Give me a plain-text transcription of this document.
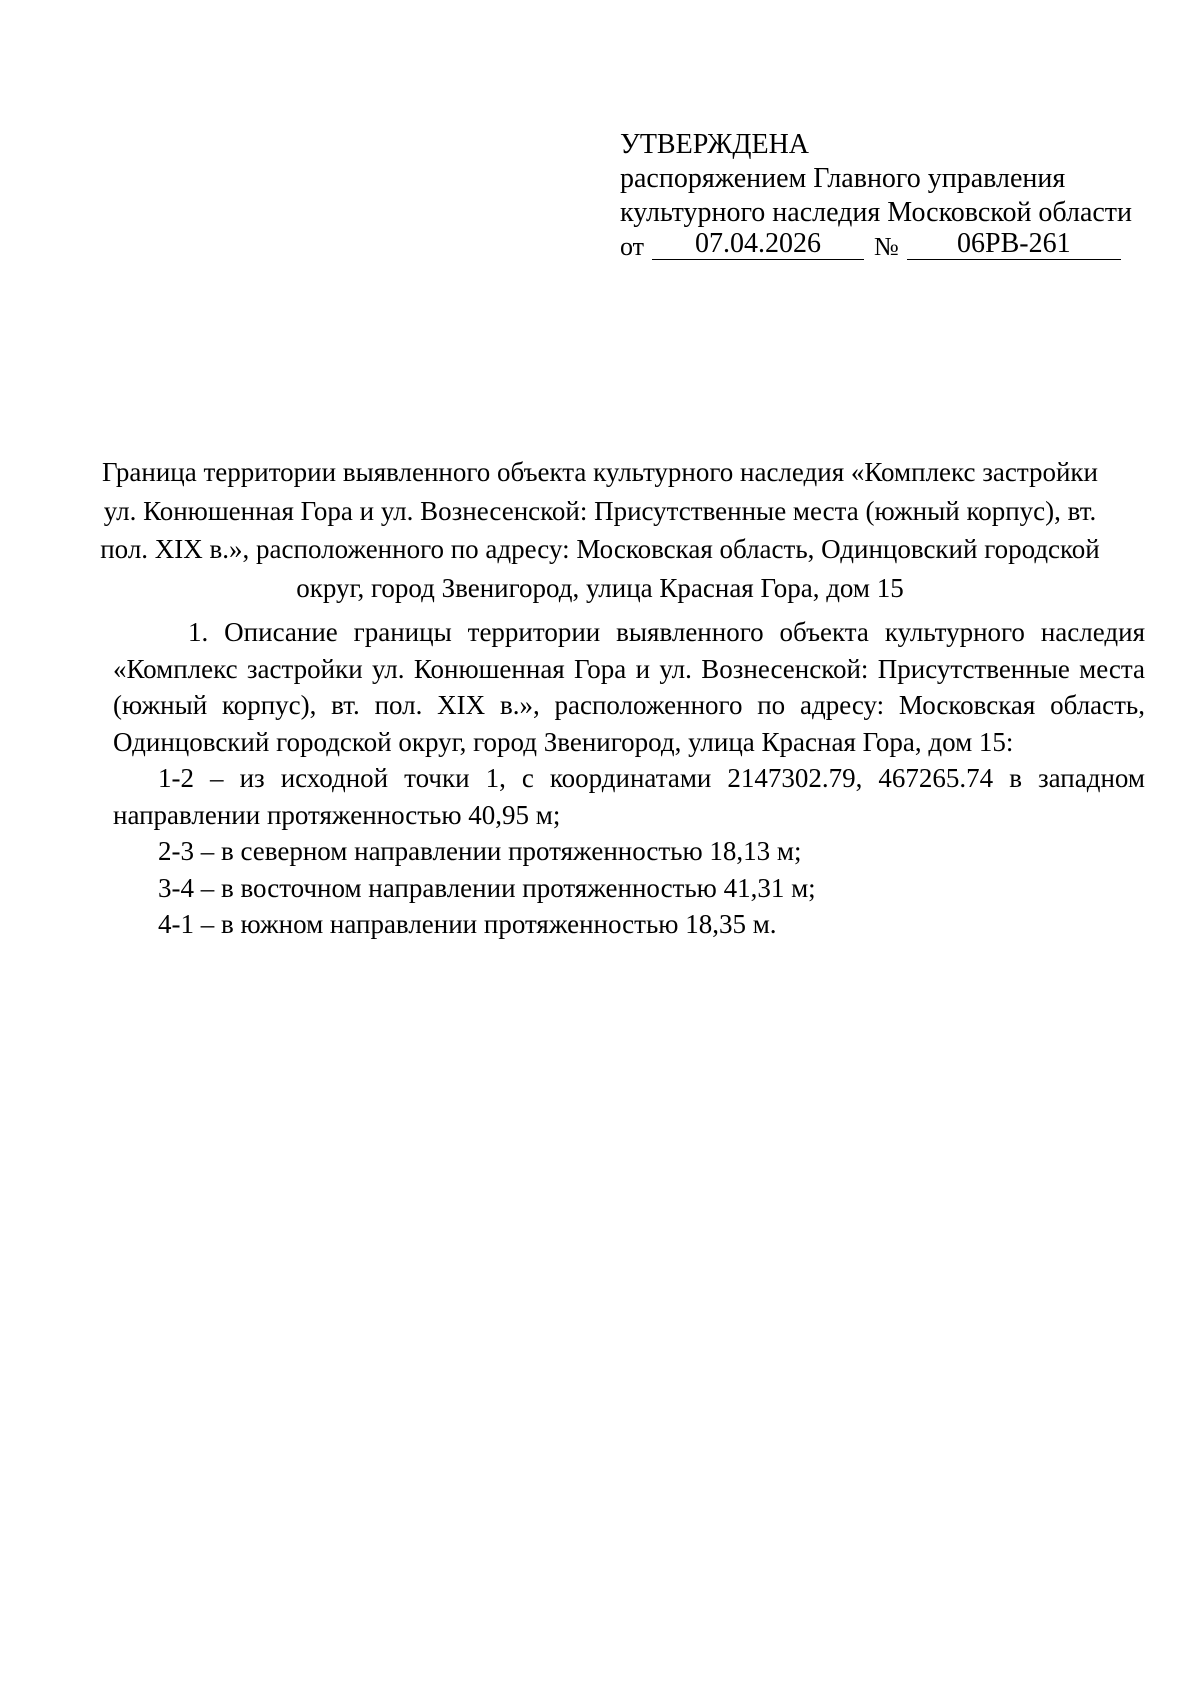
УТВЕРЖДЕНА
распоряжением Главного управления
культурного наследия Московской области
от	07.04.2026	№	06РВ-261
Граница территории выявленного объекта культурного наследия «Комплекс застройки ул. Конюшенная Гора и ул. Вознесенской: Присутственные места (южный корпус), вт. пол. XIX в.», расположенного по адресу: Московская область, Одинцовский городской округ, город Звенигород, улица Красная Гора, дом 15

1. Описание границы территории выявленного объекта культурного наследия «Комплекс застройки ул. Конюшенная Гора и ул. Вознесенской: Присутственные места (южный корпус), вт. пол. XIX в.», расположенного по адресу: Московская область, Одинцовский городской округ, город Звенигород, улица Красная Гора, дом 15:

1-2 – из исходной точки 1, с координатами 2147302.79, 467265.74 в западном направлении протяженностью 40,95 м;

2-3 – в северном направлении протяженностью 18,13 м;

3-4 – в восточном направлении протяженностью 41,31 м;

4-1 – в южном направлении протяженностью 18,35 м.
